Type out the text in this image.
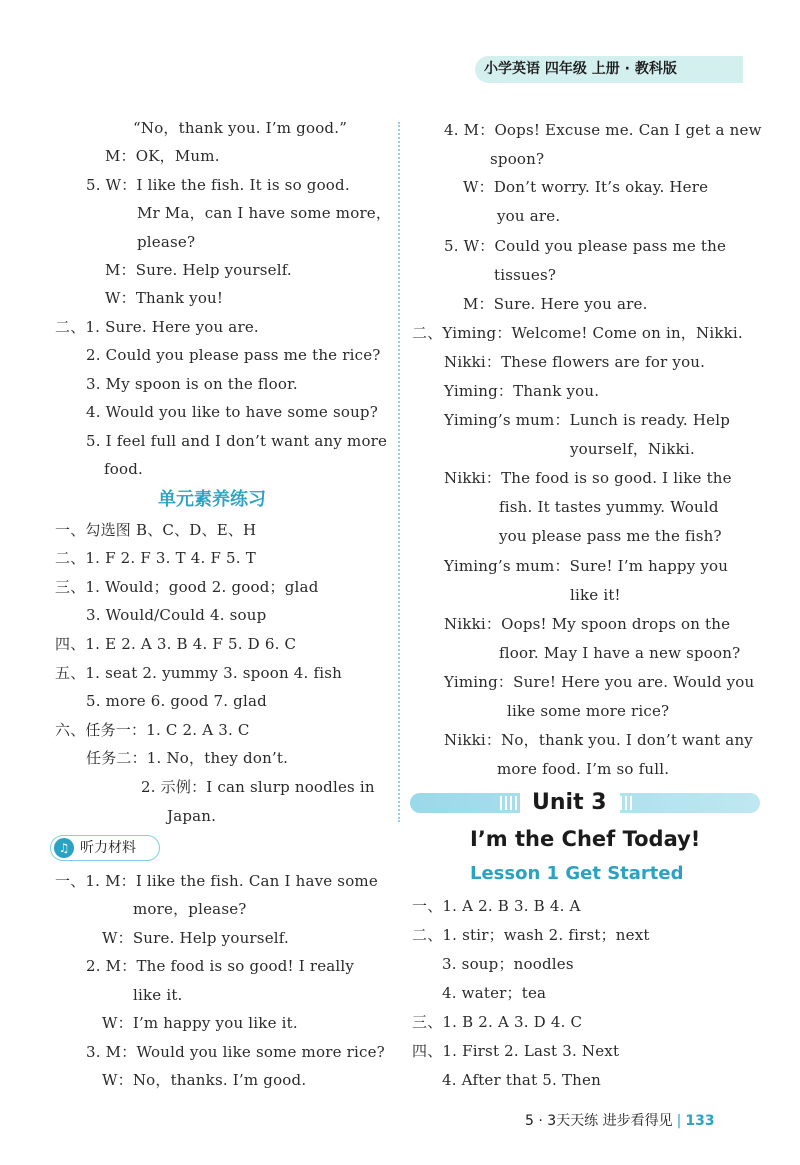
小学英语 四年级 上册 · 教科版
“No，thank you. I’m good.”
M：OK，Mum.
5. W：I like the fish. It is so good.
Mr Ma，can I have some more，
please?
M：Sure. Help yourself.
W：Thank you!
二、1. Sure. Here you are.
2. Could you please pass me the rice?
3. My spoon is on the floor.
4. Would you like to have some soup?
5. I feel full and I don’t want any more
food.
单元素养练习
一、勾选图 B、C、D、E、H
二、1. F 2. F 3. T 4. F 5. T
三、1. Would；good 2. good；glad
3. Would/Could 4. soup
四、1. E 2. A 3. B 4. F 5. D 6. C
五、1. seat 2. yummy 3. spoon 4. fish
5. more 6. good 7. glad
六、任务一：1. C 2. A 3. C
任务二：1. No，they don’t.
2. 示例：I can slurp noodles in
Japan.
♫ 听力材料
一、1. M：I like the fish. Can I have some
more，please?
W：Sure. Help yourself.
2. M：The food is so good! I really
like it.
W：I’m happy you like it.
3. M：Would you like some more rice?
W：No，thanks. I’m good.
4. M：Oops! Excuse me. Can I get a new
spoon?
W：Don’t worry. It’s okay. Here
you are.
5. W：Could you please pass me the
tissues?
M：Sure. Here you are.
二、Yiming：Welcome! Come on in，Nikki.
Nikki：These flowers are for you.
Yiming：Thank you.
Yiming’s mum：Lunch is ready. Help
yourself，Nikki.
Nikki：The food is so good. I like the
fish. It tastes yummy. Would
you please pass me the fish?
Yiming’s mum：Sure! I’m happy you
like it!
Nikki：Oops! My spoon drops on the
floor. May I have a new spoon?
Yiming：Sure! Here you are. Would you
like some more rice?
Nikki：No，thank you. I don’t want any
more food. I’m so full.
Unit 3
I’m the Chef Today!
Lesson 1 Get Started
一、1. A 2. B 3. B 4. A
二、1. stir；wash 2. first；next
3. soup；noodles
4. water；tea
三、1. B 2. A 3. D 4. C
四、1. First 2. Last 3. Next
4. After that 5. Then
5 · 3天天练 进步看得见 | 133
